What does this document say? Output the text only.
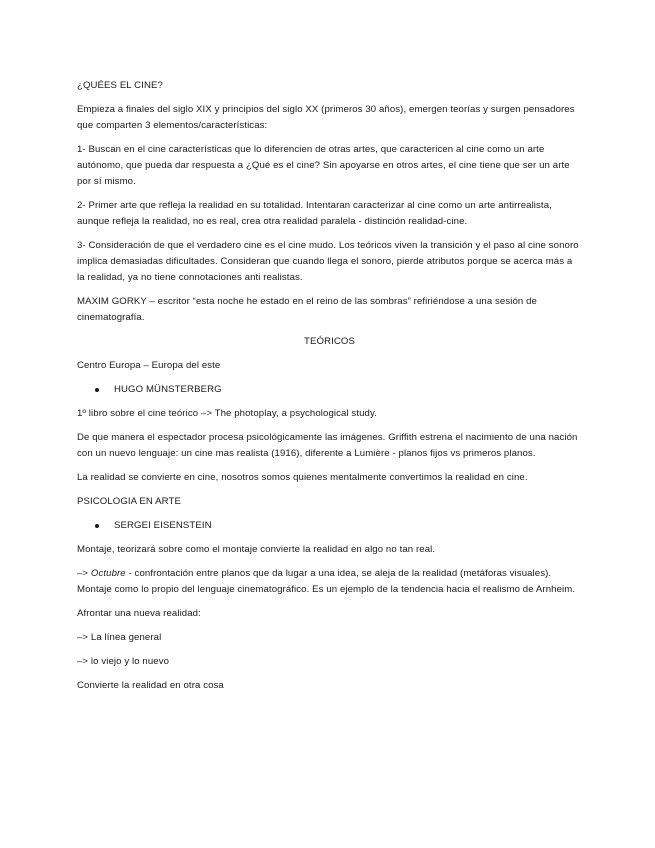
¿QUÉES EL CINE?

Empieza a finales del siglo XIX y principios del siglo XX (primeros 30 años), emergen teorías y surgen pensadores que comparten 3 elementos/características:

1- Buscan en el cine características que lo diferencien de otras artes, que caractericen al cine como un arte autónomo, que pueda dar respuesta a ¿Qué es el cine? Sin apoyarse en otros artes, el cine tiene que ser un arte por sí mismo.

2- Primer arte que refleja la realidad en su totalidad. Intentaran caracterizar al cine como un arte antirrealista, aunque refleja la realidad, no es real, crea otra realidad paralela - distinción realidad-cine.

3- Consideración de que el verdadero cine es el cine mudo. Los teóricos viven la transición y el paso al cine sonoro implica demasiadas dificultades. Consideran que cuando llega el sonoro, pierde atributos porque se acerca más a la realidad, ya no tiene connotaciones anti realistas.

MAXIM GORKY – escritor “esta noche he estado en el reino de las sombras” refiriéndose a una sesión de cinematografía.

TEÓRICOS

Centro Europa – Europa del este

HUGO MÜNSTERBERG

1º libro sobre el cine teórico –> The photoplay, a psychological study.

De que manera el espectador procesa psicológicamente las imágenes. Griffith estrena el nacimiento de una nación con un nuevo lenguaje: un cine mas realista (1916), diferente a Lumière - planos fijos vs primeros planos.

La realidad se convierte en cine, nosotros somos quienes mentalmente convertimos la realidad en cine.

PSICOLOGIA EN ARTE

SERGEI EISENSTEIN

Montaje, teorizará sobre como el montaje convierte la realidad en algo no tan real.

–> Octubre - confrontación entre planos que da lugar a una idea, se aleja de la realidad (metáforas visuales). Montaje como lo propio del lenguaje cinematográfico. Es un ejemplo de la tendencia hacia el realismo de Arnheim.

Afrontar una nueva realidad:

–> La línea general

–> lo viejo y lo nuevo

Convierte la realidad en otra cosa
